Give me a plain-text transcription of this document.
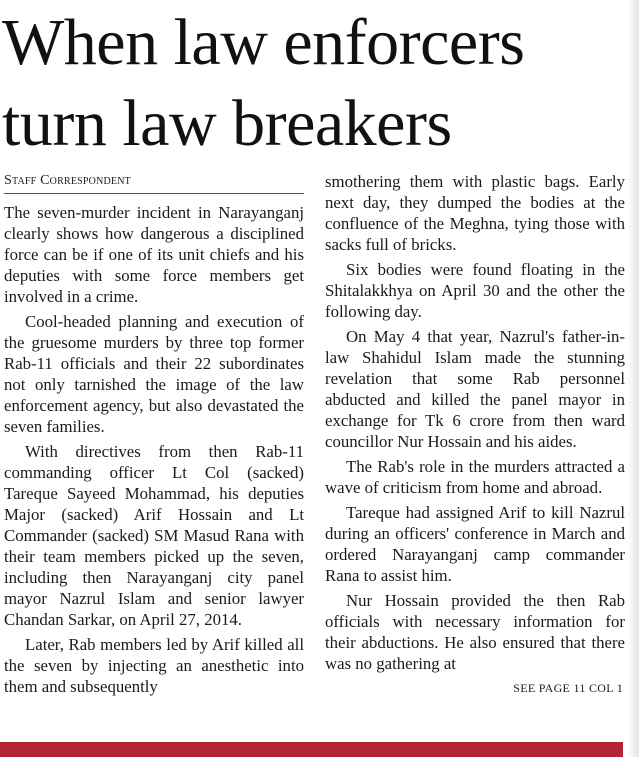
When law enforcers turn law breakers
Staff Correspondent

The seven-murder incident in Narayanganj clearly shows how dangerous a disciplined force can be if one of its unit chiefs and his deputies with some force members get involved in a crime.

Cool-headed planning and execution of the gruesome murders by three top former Rab-11 officials and their 22 subordinates not only tarnished the image of the law enforcement agency, but also devastated the seven families.

With directives from then Rab-11 commanding officer Lt Col (sacked) Tareque Sayeed Mohammad, his deputies Major (sacked) Arif Hossain and Lt Commander (sacked) SM Masud Rana with their team members picked up the seven, including then Narayanganj city panel mayor Nazrul Islam and senior lawyer Chandan Sarkar, on April 27, 2014.

Later, Rab members led by Arif killed all the seven by injecting an anesthetic into them and subsequently

smothering them with plastic bags. Early next day, they dumped the bodies at the confluence of the Meghna, tying those with sacks full of bricks.

Six bodies were found floating in the Shitalakkhya on April 30 and the other the following day.

On May 4 that year, Nazrul's father-in-law Shahidul Islam made the stunning revelation that some Rab personnel abducted and killed the panel mayor in exchange for Tk 6 crore from then ward councillor Nur Hossain and his aides.

The Rab's role in the murders attracted a wave of criticism from home and abroad.

Tareque had assigned Arif to kill Nazrul during an officers' conference in March and ordered Narayanganj camp commander Rana to assist him.

Nur Hossain provided the then Rab officials with necessary information for their abductions. He also ensured that there was no gathering at

SEE PAGE 11 COL 1
